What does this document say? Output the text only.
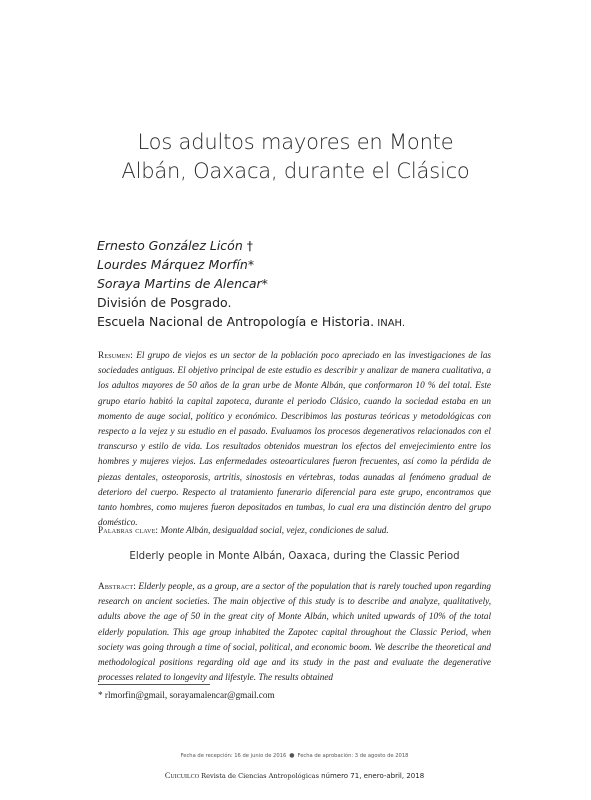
Los adultos mayores en Monte
Albán, Oaxaca, durante el Clásico
Ernesto González Licón †
Lourdes Márquez Morfín*
Soraya Martins de Alencar*
División de Posgrado.
Escuela Nacional de Antropología e Historia. INAH.
Resumen: El grupo de viejos es un sector de la población poco apreciado en las investigaciones de las sociedades antiguas. El objetivo principal de este estudio es describir y analizar de manera cualitativa, a los adultos mayores de 50 años de la gran urbe de Monte Albán, que conformaron 10 % del total. Este grupo etario habitó la capital zapoteca, durante el periodo Clásico, cuando la sociedad estaba en un momento de auge social, político y económico. Describimos las posturas teóricas y metodológicas con respecto a la vejez y su estudio en el pasado. Evaluamos los procesos degenerativos relacionados con el transcurso y estilo de vida. Los resultados obtenidos muestran los efectos del envejecimiento entre los hombres y mujeres viejos. Las enfermedades osteoarticulares fueron frecuentes, así como la pérdida de piezas dentales, osteoporosis, artritis, sinostosis en vértebras, todas aunadas al fenómeno gradual de deterioro del cuerpo. Respecto al tratamiento funerario diferencial para este grupo, encontramos que tanto hombres, como mujeres fueron depositados en tumbas, lo cual era una distinción dentro del grupo doméstico.
Palabras clave: Monte Albán, desigualdad social, vejez, condiciones de salud.
Elderly people in Monte Albán, Oaxaca, during the Classic Period
Abstract: Elderly people, as a group, are a sector of the population that is rarely touched upon regarding research on ancient societies. The main objective of this study is to describe and analyze, qualitatively, adults above the age of 50 in the great city of Monte Albán, which united upwards of 10% of the total elderly population. This age group inhabited the Zapotec capital throughout the Classic Period, when society was going through a time of social, political, and economic boom. We describe the theoretical and methodological positions regarding old age and its study in the past and evaluate the degenerative processes related to longevity and lifestyle. The results obtained
* rlmorfin@gmail, sorayamalencar@gmail.com
Fecha de recepción: 16 de junio de 2016 ● Fecha de aprobación: 3 de agosto de 2018
Cuicuilco Revista de Ciencias Antropológicas número 71, enero-abril, 2018
